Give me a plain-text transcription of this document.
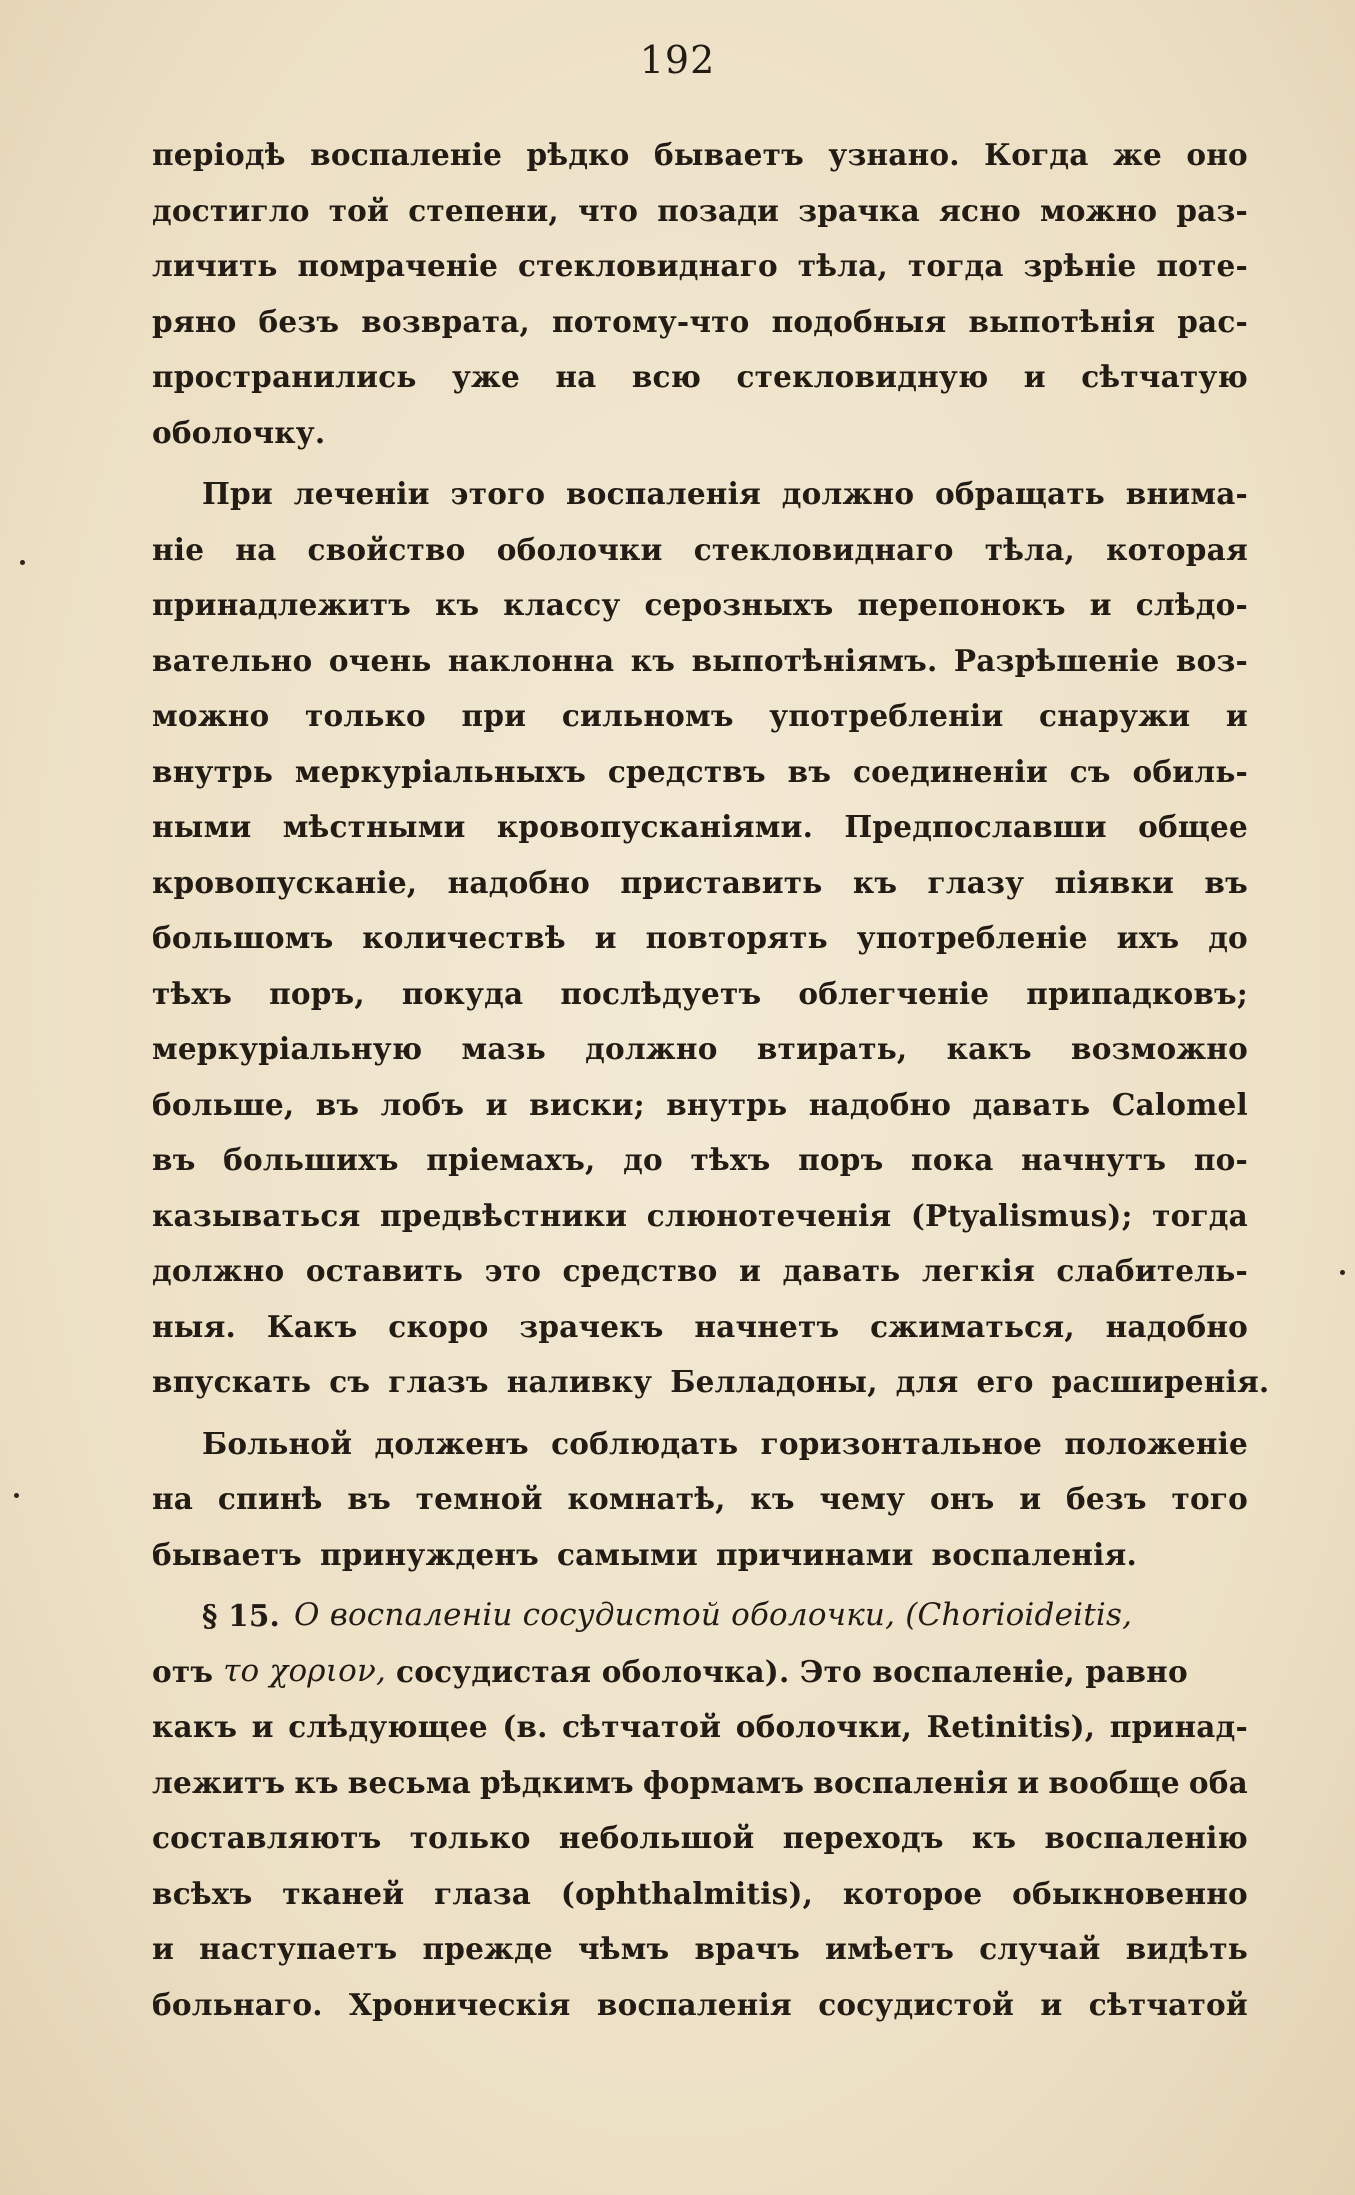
192
періодѣ воспаленіе рѣдко бываетъ узнано. Когда же оно
достигло той степени, что позади зрачка ясно можно раз-
личить помраченіе стекловиднаго тѣла, тогда зрѣніе поте-
ряно безъ возврата, потому-что подобныя выпотѣнія рас-
пространились уже на всю стекловидную и сѣтчатую
оболочку.
При леченіи этого воспаленія должно обращать внима-
ніе на свойство оболочки стекловиднаго тѣла, которая
принадлежитъ къ классу серозныхъ перепонокъ и слѣдо-
вательно очень наклонна къ выпотѣніямъ. Разрѣшеніе воз-
можно только при сильномъ употребленіи снаружи и
внутрь меркуріальныхъ средствъ въ соединеніи съ обиль-
ными мѣстными кровопусканіями. Предпославши общее
кровопусканіе, надобно приставить къ глазу піявки въ
большомъ количествѣ и повторять употребленіе ихъ до
тѣхъ поръ, покуда послѣдуетъ облегченіе припадковъ;
меркуріальную мазь должно втирать, какъ возможно
больше, въ лобъ и виски; внутрь надобно давать Calomel
въ большихъ пріемахъ, до тѣхъ поръ пока начнутъ по-
казываться предвѣстники слюнотеченія (Ptyalismus); тогда
должно оставить это средство и давать легкія слабитель-
ныя. Какъ скоро зрачекъ начнетъ сжиматься, надобно
впускать съ глазъ наливку Белладоны, для его расширенія.
Больной долженъ соблюдать горизонтальное положеніе
на спинѣ въ темной комнатѣ, къ чему онъ и безъ того
бываетъ принужденъ самыми причинами воспаленія.
§ 15. О воспаленіи сосудистой оболочки, (Chorioideitis,
отъ το χοριον, сосудистая оболочка). Это воспаленіе, равно
какъ и слѣдующее (в. сѣтчатой оболочки, Retinitis), принад-
лежитъ къ весьма рѣдкимъ формамъ воспаленія и вообще оба
составляютъ только небольшой переходъ къ воспаленію
всѣхъ тканей глаза (ophthalmitis), которое обыкновенно
и наступаетъ прежде чѣмъ врачъ имѣетъ случай видѣть
больнаго. Хроническія воспаленія сосудистой и сѣтчатой
